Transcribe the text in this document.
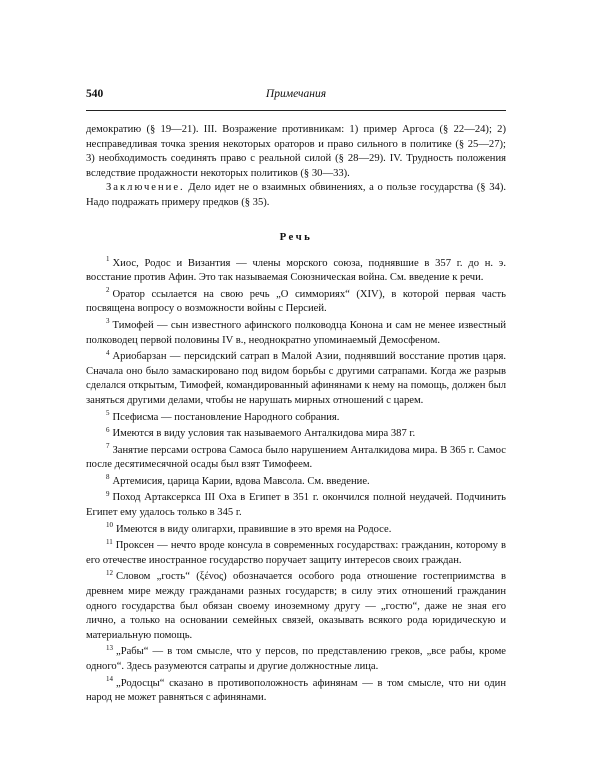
540	Примечания

демократию (§ 19—21). III. Возражение противникам: 1) пример Аргоса (§ 22—24); 2) несправедливая точка зрения некоторых ораторов и право сильного в политике (§ 25—27); 3) необходимость соединять право с реальной силой (§ 28—29). IV. Трудность положения вследствие продажности некоторых политиков (§ 30—33).

Заключение. Дело идет не о взаимных обвинениях, а о пользе государства (§ 34). Надо подражать примеру предков (§ 35).

Речь

$^1$ Хиос, Родос и Византия — члены морского союза, поднявшие в 357 г. до н. э. восстание против Афин. Это так называемая Союзническая война. См. введение к речи.

$^2$ Оратор ссылается на свою речь „О симмориях“ (XIV), в которой первая часть посвящена вопросу о возможности войны с Персией.

$^3$ Тимофей — сын известного афинского полководца Конона и сам не менее известный полководец первой половины IV в., неоднократно упоминаемый Демосфеном.

$^4$ Ариобарзан — персидский сатрап в Малой Азии, поднявший восстание против царя. Сначала оно было замаскировано под видом борьбы с другими сатрапами. Когда же разрыв сделался открытым, Тимофей, командированный афинянами к нему на помощь, должен был заняться другими делами, чтобы не нарушать мирных отношений с царем.

$^5$ Псефисма — постановление Народного собрания.

$^6$ Имеются в виду условия так называемого Анталкидова мира 387 г.

$^7$ Занятие персами острова Самоса было нарушением Анталкидова мира. В 365 г. Самос после десятимесячной осады был взят Тимофеем.

$^8$ Артемисия, царица Карии, вдова Мавсола. См. введение.

$^9$ Поход Артаксеркса III Оха в Египет в 351 г. окончился полной неудачей. Подчинить Египет ему удалось только в 345 г.

$^{10}$ Имеются в виду олигархи, правившие в это время на Родосе.

$^{11}$ Проксен — нечто вроде консула в современных государствах: гражданин, которому в его отечестве иностранное государство поручает защиту интересов своих граждан.

$^{12}$ Словом „гость“ (ξένος) обозначается особого рода отношение гостеприимства в древнем мире между гражданами разных государств; в силу этих отношений гражданин одного государства был обязан своему иноземному другу — „гостю“, даже не зная его лично, а только на основании семейных связей, оказывать всякого рода юридическую и материальную помощь.

$^{13}$ „Рабы“ — в том смысле, что у персов, по представлению греков, „все рабы, кроме одного“. Здесь разумеются сатрапы и другие должностные лица.

$^{14}$ „Родосцы“ сказано в противоположность афинянам — в том смысле, что ни один народ не может равняться с афинянами.
